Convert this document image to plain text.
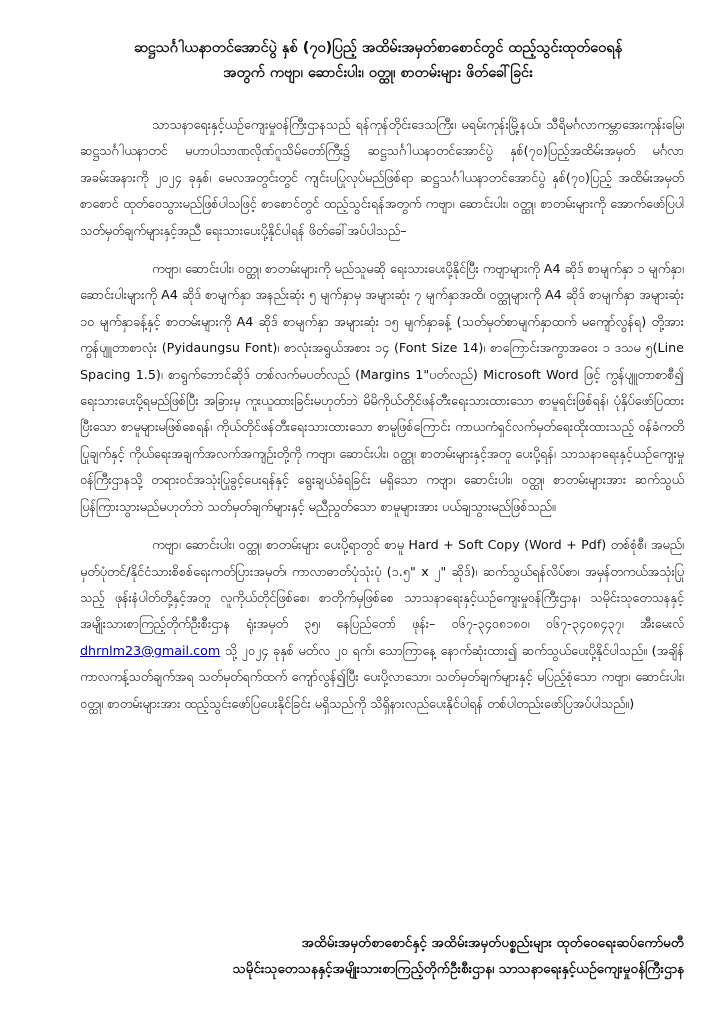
ဆဋ္ဌသင်္ဂါယနာတင်အောင်ပွဲ နှစ် (၇၀)ပြည့် အထိမ်းအမှတ်စာစောင်တွင် ထည့်သွင်းထုတ်ဝေရန်
အတွက် ကဗျာ၊ ဆောင်းပါး၊ ဝတ္ထု၊ စာတမ်းများ ဖိတ်ခေါ်ခြင်း

သာသနာရေးနှင့်ယဉ်ကျေးမှုဝန်ကြီးဌာနသည် ရန်ကုန်တိုင်းဒေသကြီး၊ မရမ်းကုန်းမြို့နယ်၊ သီရိမင်္ဂလာကမ္ဘာအေးကုန်းမြေ၊ ဆဋ္ဌသင်္ဂါယနာတင် မဟာပါသာဏလိုဏ်ဂူသိမ်တော်ကြီး၌ ဆဋ္ဌသင်္ဂါယနာတင်အောင်ပွဲ နှစ်(၇၀)ပြည့်အထိမ်းအမှတ် မင်္ဂလာအခမ်းအနားကို ၂၀၂၄ ခုနှစ်၊ မေလအတွင်းတွင် ကျင်းပပြုလုပ်မည်ဖြစ်ရာ ဆဋ္ဌသင်္ဂါယနာတင်အောင်ပွဲ နှစ်(၇၀)ပြည့် အထိမ်းအမှတ်စာစောင် ထုတ်ဝေသွားမည်ဖြစ်ပါသဖြင့် စာစောင်တွင် ထည့်သွင်းရန်အတွက် ကဗျာ၊ ဆောင်းပါး၊ ဝတ္ထု၊ စာတမ်းများကို အောက်ဖော်ပြပါ သတ်မှတ်ချက်များနှင့်အညီ ရေးသားပေးပို့နိုင်ပါရန် ဖိတ်ခေါ်အပ်ပါသည်–

ကဗျာ၊ ဆောင်းပါး၊ ဝတ္ထု၊ စာတမ်းများကို မည်သူမဆို ရေးသားပေးပို့နိုင်ပြီး ကဗျာများကို A4 ဆိုဒ် စာမျက်နှာ ၁ မျက်နှာ၊ ဆောင်းပါးများကို A4 ဆိုဒ် စာမျက်နှာ အနည်းဆုံး ၅ မျက်နှာမှ အများဆုံး ၇ မျက်နှာအထိ၊ ဝတ္ထုများကို A4 ဆိုဒ် စာမျက်နှာ အများဆုံး ၁၀ မျက်နှာခန့်နှင့် စာတမ်းများကို A4 ဆိုဒ် စာမျက်နှာ အများဆုံး ၁၅ မျက်နှာခန့် (သတ်မှတ်စာမျက်နှာထက် မကျော်လွန်ရ) တို့အား ကွန်ပျူတာစာလုံး (Pyidaungsu Font)၊ စာလုံးအရွယ်အစား ၁၄ (Font Size 14)၊ စာကြောင်းအကွာအဝေး ၁ ဒသမ ၅(Line Spacing 1.5)၊ စာရွက်ဘောင်ဆိုဒ် တစ်လက်မပတ်လည် (Margins 1"ပတ်လည်) Microsoft Word ဖြင့် ကွန်ပျူတာစာစီ၍ ရေးသားပေးပို့ရမည်ဖြစ်ပြီး အခြားမှ ကူးယူထားခြင်းမဟုတ်ဘဲ မိမိကိုယ်တိုင်ဖန်တီးရေးသားထားသော စာမူရင်းဖြစ်ရန်၊ ပုံနှိပ်ဖော်ပြထားပြီးသော စာမူများမဖြစ်စေရန်၊ ကိုယ်တိုင်ဖန်တီးရေးသားထားသော စာမူဖြစ်ကြောင်း ကာယကံရှင်လက်မှတ်ရေးထိုးထားသည့် ဝန်ခံကတိပြုချက်နှင့် ကိုယ်ရေးအချက်အလက်အကျဉ်းတို့ကို ကဗျာ၊ ဆောင်းပါး၊ ဝတ္ထု၊ စာတမ်းများနှင့်အတူ ပေးပို့ရန်၊ သာသနာရေးနှင့်ယဉ်ကျေးမှုဝန်ကြီးဌာနသို့ တရားဝင်အသုံးပြုခွင့်ပေးရန်နှင့် ရွေးချယ်ခံရခြင်း မရှိသော ကဗျာ၊ ဆောင်းပါး၊ ဝတ္ထု၊ စာတမ်းများအား ဆက်သွယ်ပြန်ကြားသွားမည်မဟုတ်ဘဲ သတ်မှတ်ချက်များနှင့် မညီညွတ်သော စာမူများအား ပယ်ချသွားမည်ဖြစ်သည်။

ကဗျာ၊ ဆောင်းပါး၊ ဝတ္ထု၊ စာတမ်းများ ပေးပို့ရာတွင် စာမူ Hard + Soft Copy (Word + Pdf) တစ်စုံစီ၊ အမည်၊ မှတ်ပုံတင်/နိုင်ငံသားစိစစ်ရေးကတ်ပြားအမှတ်၊ ကာလာဓာတ်ပုံသုံးပုံ (၁.၅" x ၂" ဆိုဒ်)၊ ဆက်သွယ်ရန်လိပ်စာ၊ အမှန်တကယ်အသုံးပြုသည့် ဖုန်းနံပါတ်တို့နှင့်အတူ လူကိုယ်တိုင်ဖြစ်စေ၊ စာတိုက်မှဖြစ်စေ သာသနာရေးနှင့်ယဉ်ကျေးမှုဝန်ကြီးဌာန၊ သမိုင်းသုတေသနနှင့်အမျိုးသားစာကြည့်တိုက်ဦးစီးဌာန ရုံးအမှတ် ၃၅၊ နေပြည်တော် ဖုန်း– ၀၆၇-၃၄၀၈၁၈၀၊ ၀၆၇-၃၄၀၈၄၃၇၊ အီးမေးလ် dhrnlm23@gmail.com သို့ ၂၀၂၄ ခုနှစ် မတ်လ ၂၀ ရက်၊ သောကြာနေ့ နောက်ဆုံးထား၍ ဆက်သွယ်ပေးပို့နိုင်ပါသည်။ (အချိန်ကာလကန့်သတ်ချက်အရ သတ်မှတ်ရက်ထက် ကျော်လွန်၍ပြီး ပေးပို့လာသော၊ သတ်မှတ်ချက်များနှင့် မပြည့်စုံသော ကဗျာ၊ ဆောင်းပါး၊ ဝတ္ထု၊ စာတမ်းများအား ထည့်သွင်းဖော်ပြပေးနိုင်ခြင်း မရှိသည်ကို သိရှိနားလည်ပေးနိုင်ပါရန် တစ်ပါတည်းဖော်ပြအပ်ပါသည်။)

အထိမ်းအမှတ်စာစောင်နှင့် အထိမ်းအမှတ်ပစ္စည်းများ ထုတ်ဝေရေးဆပ်ကော်မတီ
သမိုင်းသုတေသနနှင့်အမျိုးသားစာကြည့်တိုက်ဦးစီးဌာန၊ သာသနာရေးနှင့်ယဉ်ကျေးမှုဝန်ကြီးဌာန
